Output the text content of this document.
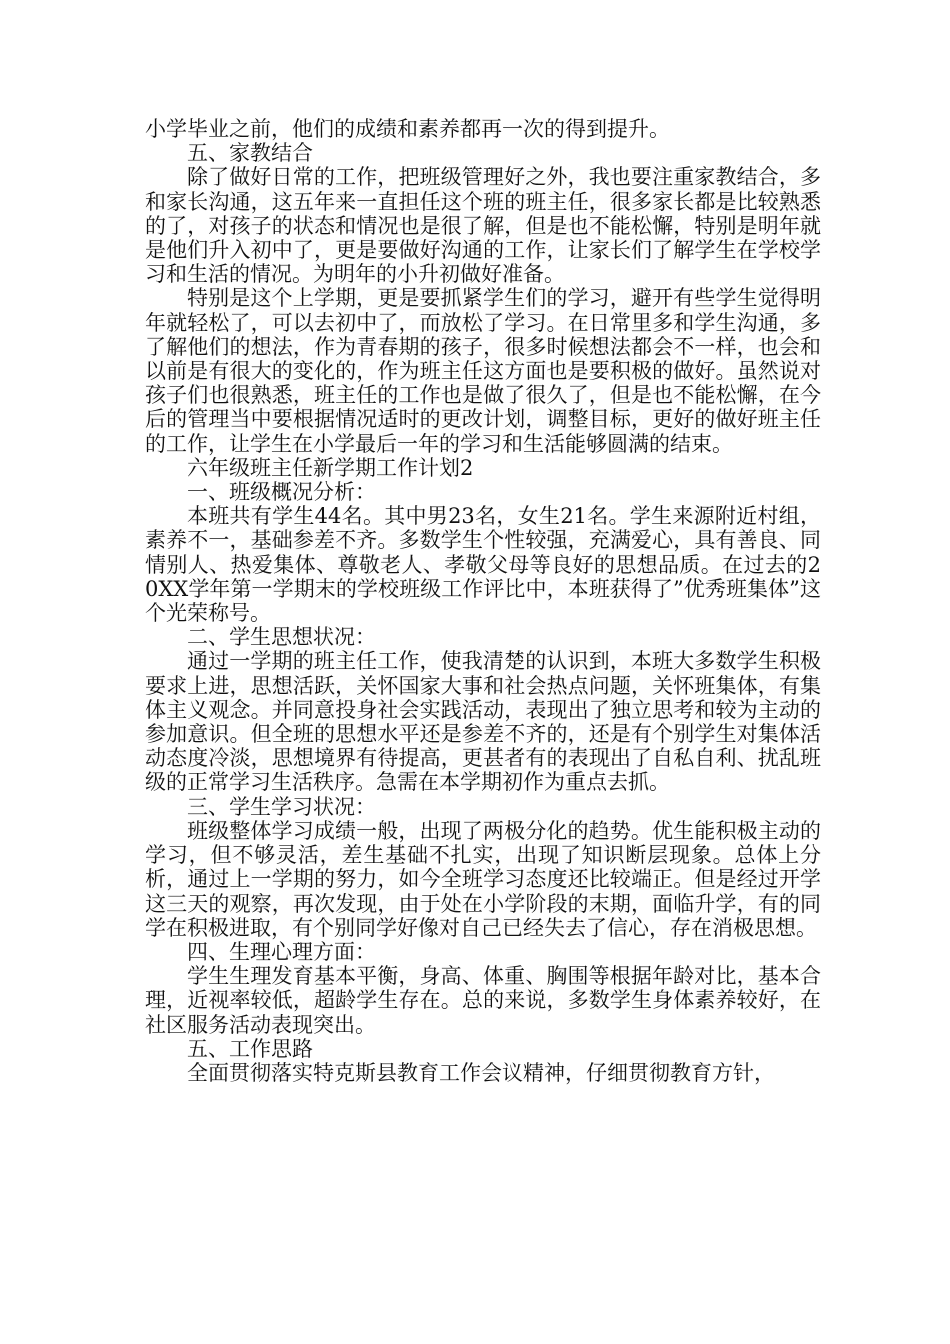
小学毕业之前，他们的成绩和素养都再一次的得到提升。

五、家教结合

除了做好日常的工作，把班级管理好之外，我也要注重家教结合，多和家长沟通，这五年来一直担任这个班的班主任，很多家长都是比较熟悉的了，对孩子的状态和情况也是很了解，但是也不能松懈，特别是明年就是他们升入初中了，更是要做好沟通的工作，让家长们了解学生在学校学习和生活的情况。为明年的小升初做好准备。

特别是这个上学期，更是要抓紧学生们的学习，避开有些学生觉得明年就轻松了，可以去初中了，而放松了学习。在日常里多和学生沟通，多了解他们的想法，作为青春期的孩子，很多时候想法都会不一样，也会和以前是有很大的变化的，作为班主任这方面也是要积极的做好。虽然说对孩子们也很熟悉，班主任的工作也是做了很久了，但是也不能松懈，在今后的管理当中要根据情况适时的更改计划，调整目标，更好的做好班主任的工作，让学生在小学最后一年的学习和生活能够圆满的结束。

六年级班主任新学期工作计划2

一、班级概况分析：

本班共有学生44名。其中男23名，女生21名。学生来源附近村组，素养不一，基础参差不齐。多数学生个性较强，充满爱心，具有善良、同情别人、热爱集体、尊敬老人、孝敬父母等良好的思想品质。在过去的20XX学年第一学期末的学校班级工作评比中，本班获得了”优秀班集体”这个光荣称号。

二、学生思想状况：

通过一学期的班主任工作，使我清楚的认识到，本班大多数学生积极要求上进，思想活跃，关怀国家大事和社会热点问题，关怀班集体，有集体主义观念。并同意投身社会实践活动，表现出了独立思考和较为主动的参加意识。但全班的思想水平还是参差不齐的，还是有个别学生对集体活动态度冷淡，思想境界有待提高，更甚者有的表现出了自私自利、扰乱班级的正常学习生活秩序。急需在本学期初作为重点去抓。

三、学生学习状况：

班级整体学习成绩一般，出现了两极分化的趋势。优生能积极主动的学习，但不够灵活，差生基础不扎实，出现了知识断层现象。总体上分析，通过上一学期的努力，如今全班学习态度还比较端正。但是经过开学这三天的观察，再次发现，由于处在小学阶段的末期，面临升学，有的同学在积极进取，有个别同学好像对自己已经失去了信心，存在消极思想。

四、生理心理方面：

学生生理发育基本平衡，身高、体重、胸围等根据年龄对比，基本合理，近视率较低，超龄学生存在。总的来说，多数学生身体素养较好，在社区服务活动表现突出。

五、工作思路

全面贯彻落实特克斯县教育工作会议精神，仔细贯彻教育方针，
